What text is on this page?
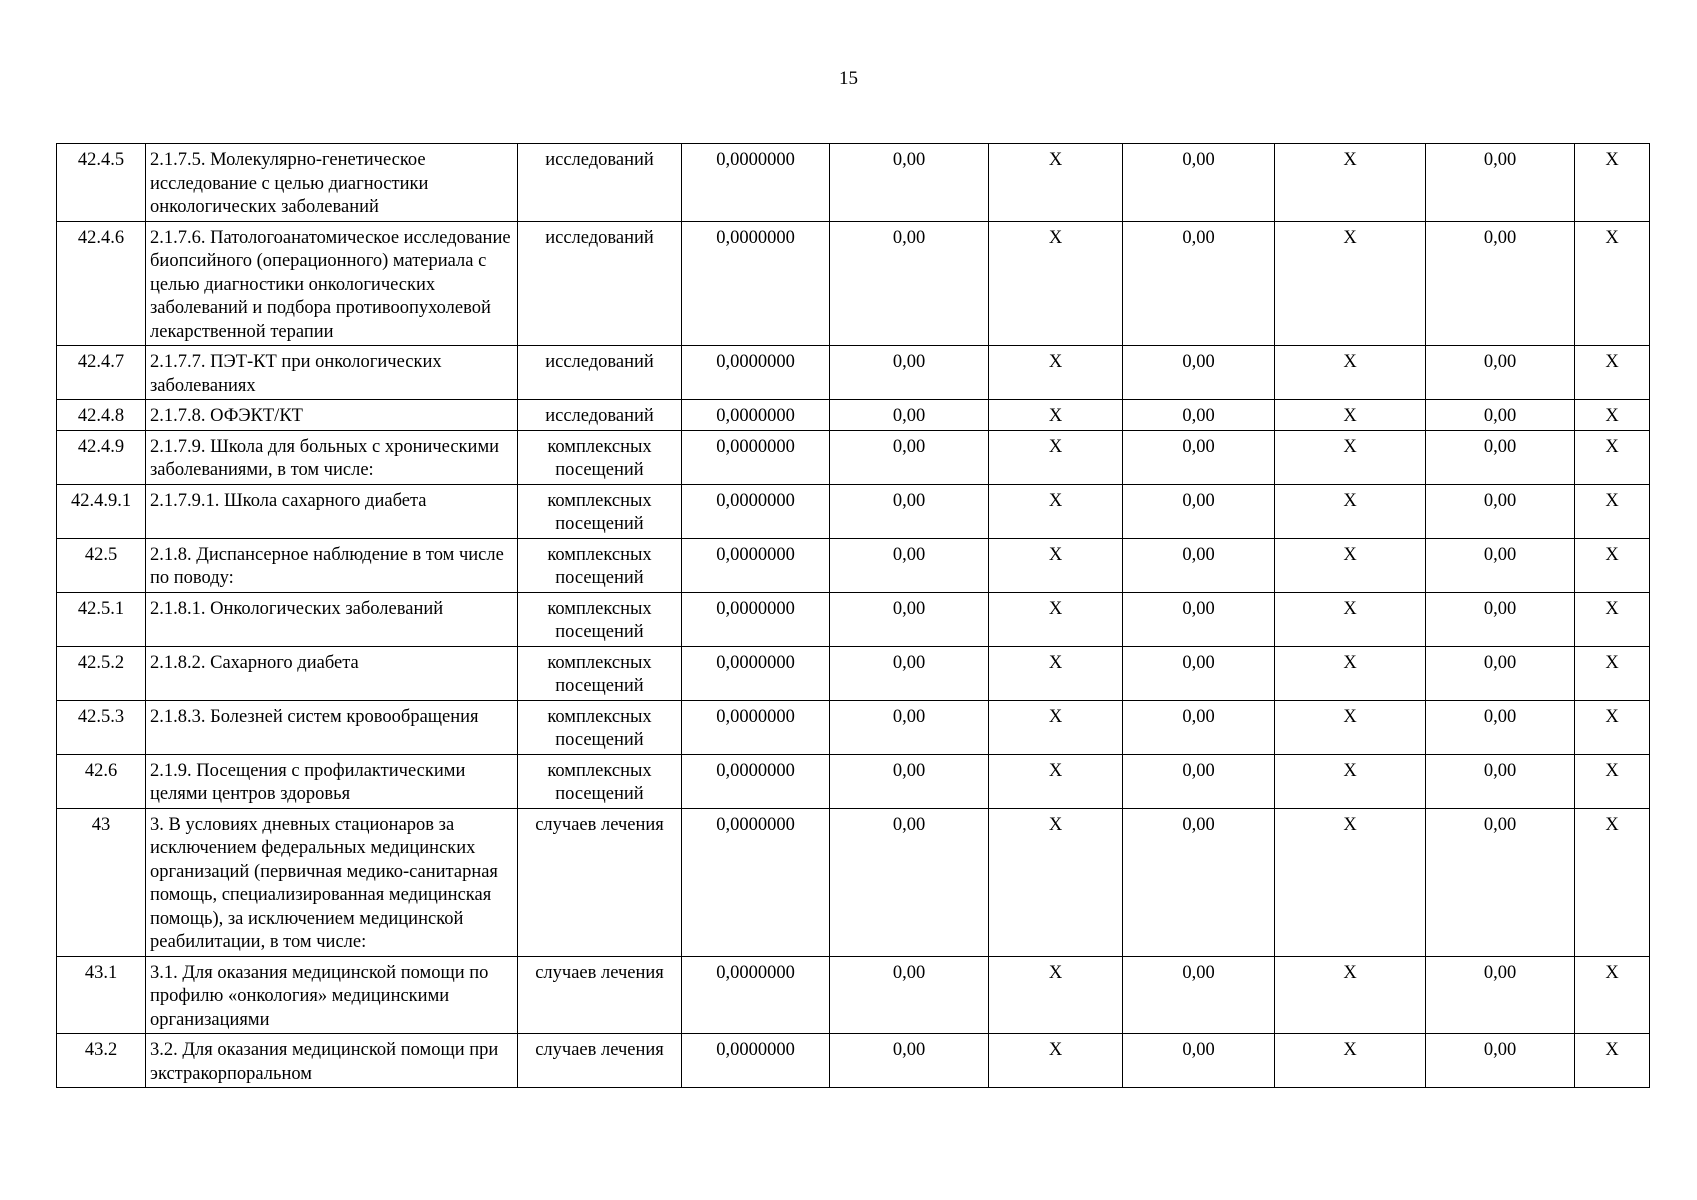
15
42.4.5	2.1.7.5. Молекулярно-генетическое исследование с целью диагностики онкологических заболеваний	исследований	0,0000000	0,00	X	0,00	X	0,00	X
42.4.6	2.1.7.6. Патологоанатомическое исследование биопсийного (операционного) материала с целью диагностики онкологических заболеваний и подбора противоопухолевой лекарственной терапии	исследований	0,0000000	0,00	X	0,00	X	0,00	X
42.4.7	2.1.7.7. ПЭТ-КТ при онкологических заболеваниях	исследований	0,0000000	0,00	X	0,00	X	0,00	X
42.4.8	2.1.7.8. ОФЭКТ/КТ	исследований	0,0000000	0,00	X	0,00	X	0,00	X
42.4.9	2.1.7.9. Школа для больных с хроническими заболеваниями, в том числе:	комплексных посещений	0,0000000	0,00	X	0,00	X	0,00	X
42.4.9.1	2.1.7.9.1. Школа сахарного диабета	комплексных посещений	0,0000000	0,00	X	0,00	X	0,00	X
42.5	2.1.8. Диспансерное наблюдение в том числе по поводу:	комплексных посещений	0,0000000	0,00	X	0,00	X	0,00	X
42.5.1	2.1.8.1. Онкологических заболеваний	комплексных посещений	0,0000000	0,00	X	0,00	X	0,00	X
42.5.2	2.1.8.2. Сахарного диабета	комплексных посещений	0,0000000	0,00	X	0,00	X	0,00	X
42.5.3	2.1.8.3. Болезней систем кровообращения	комплексных посещений	0,0000000	0,00	X	0,00	X	0,00	X
42.6	2.1.9. Посещения с профилактическими целями центров здоровья	комплексных посещений	0,0000000	0,00	X	0,00	X	0,00	X
43	3. В условиях дневных стационаров за исключением федеральных медицинских организаций (первичная медико-санитарная помощь, специализированная медицинская помощь), за исключением медицинской реабилитации, в том числе:	случаев лечения	0,0000000	0,00	X	0,00	X	0,00	X
43.1	3.1. Для оказания медицинской помощи по профилю «онкология» медицинскими организациями	случаев лечения	0,0000000	0,00	X	0,00	X	0,00	X
43.2	3.2. Для оказания медицинской помощи при экстракорпоральном	случаев лечения	0,0000000	0,00	X	0,00	X	0,00	X
